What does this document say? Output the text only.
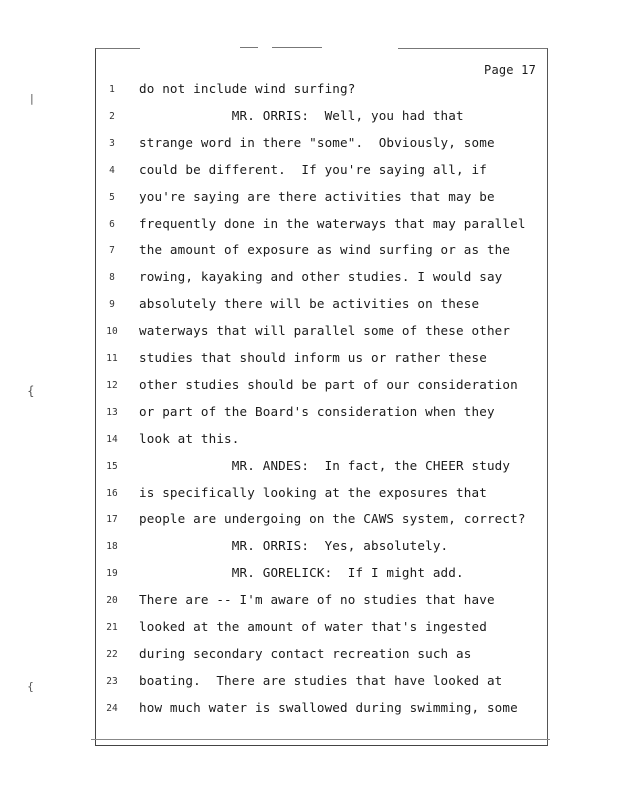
|
{
{
Page 17
1	do not include wind surfing?
2	MR. ORRIS:  Well, you had that
3	strange word in there "some".  Obviously, some
4	could be different.  If you're saying all, if
5	you're saying are there activities that may be
6	frequently done in the waterways that may parallel
7	the amount of exposure as wind surfing or as the
8	rowing, kayaking and other studies. I would say
9	absolutely there will be activities on these
10	waterways that will parallel some of these other
11	studies that should inform us or rather these
12	other studies should be part of our consideration
13	or part of the Board's consideration when they
14	look at this.
15	MR. ANDES:  In fact, the CHEER study
16	is specifically looking at the exposures that
17	people are undergoing on the CAWS system, correct?
18	MR. ORRIS:  Yes, absolutely.
19	MR. GORELICK:  If I might add.
20	There are -- I'm aware of no studies that have
21	looked at the amount of water that's ingested
22	during secondary contact recreation such as
23	boating.  There are studies that have looked at
24	how much water is swallowed during swimming, some
